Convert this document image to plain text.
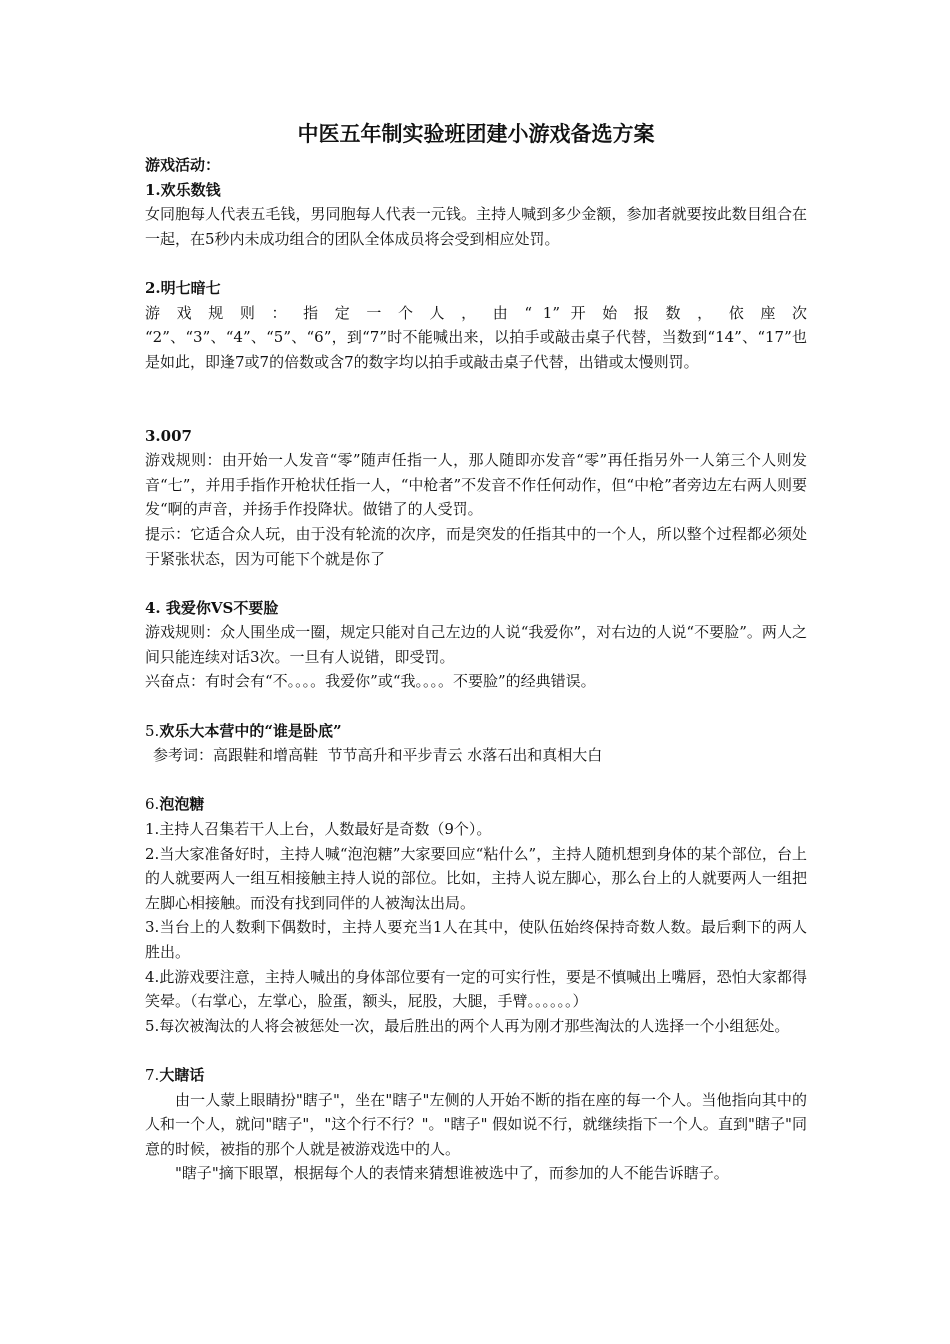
中医五年制实验班团建小游戏备选方案

游戏活动：

1.欢乐数钱

女同胞每人代表五毛钱，男同胞每人代表一元钱。主持人喊到多少金额，参加者就要按此数目组合在一起，在5秒内未成功组合的团队全体成员将会受到相应处罚。

2.明七暗七

游 戏 规 则 ： 指 定 一 个 人 ， 由 “ 1” 开 始 报 数 ， 依 座 次

“2”、“3”、“4”、“5”、“6”，到“7”时不能喊出来，以拍手或敲击桌子代替，当数到“14”、“17”也是如此，即逢7或7的倍数或含7的数字均以拍手或敲击桌子代替，出错或太慢则罚。

3.007

游戏规则：由开始一人发音“零”随声任指一人，那人随即亦发音“零”再任指另外一人第三个人则发 音“七”，并用手指作开枪状任指一人，“中枪者”不发音不作任何动作，但“中枪”者旁边左右两人则要发“啊的声音，并扬手作投降状。做错了的人受罚。

提示：它适合众人玩，由于没有轮流的次序，而是突发的任指其中的一个人，所以整个过程都必须处于紧张状态，因为可能下个就是你了

4. 我爱你VS不要脸

游戏规则：众人围坐成一圈，规定只能对自己左边的人说“我爱你”，对右边的人说“不要脸”。两人之间只能连续对话3次。一旦有人说错，即受罚。

兴奋点：有时会有“不。。。。我爱你”或“我。。。。不要脸”的经典错误。

5.欢乐大本营中的“谁是卧底”

参考词：高跟鞋和增高鞋  节节高升和平步青云 水落石出和真相大白

6.泡泡糖

1.主持人召集若干人上台，人数最好是奇数（9个）。

2.当大家准备好时，主持人喊“泡泡糖”大家要回应“粘什么”，主持人随机想到身体的某个部位，台上的人就要两人一组互相接触主持人说的部位。比如，主持人说左脚心，那么台上的人就要两人一组把左脚心相接触。而没有找到同伴的人被淘汰出局。

3.当台上的人数剩下偶数时，主持人要充当1人在其中，使队伍始终保持奇数人数。最后剩下的两人胜出。

4.此游戏要注意，主持人喊出的身体部位要有一定的可实行性，要是不慎喊出上嘴唇，恐怕大家都得笑晕。（右掌心，左掌心，脸蛋，额头，屁股，大腿，手臂。。。。。。）

5.每次被淘汰的人将会被惩处一次，最后胜出的两个人再为刚才那些淘汰的人选择一个小组惩处。

7.大瞎话

由一人蒙上眼睛扮"瞎子"，坐在"瞎子"左侧的人开始不断的指在座的每一个人。当他指向其中的人和一个人，就问"瞎子"，"这个行不行？"。"瞎子" 假如说不行，就继续指下一个人。直到"瞎子"同意的时候，被指的那个人就是被游戏选中的人。

"瞎子"摘下眼罩，根据每个人的表情来猜想谁被选中了，而参加的人不能告诉瞎子。
